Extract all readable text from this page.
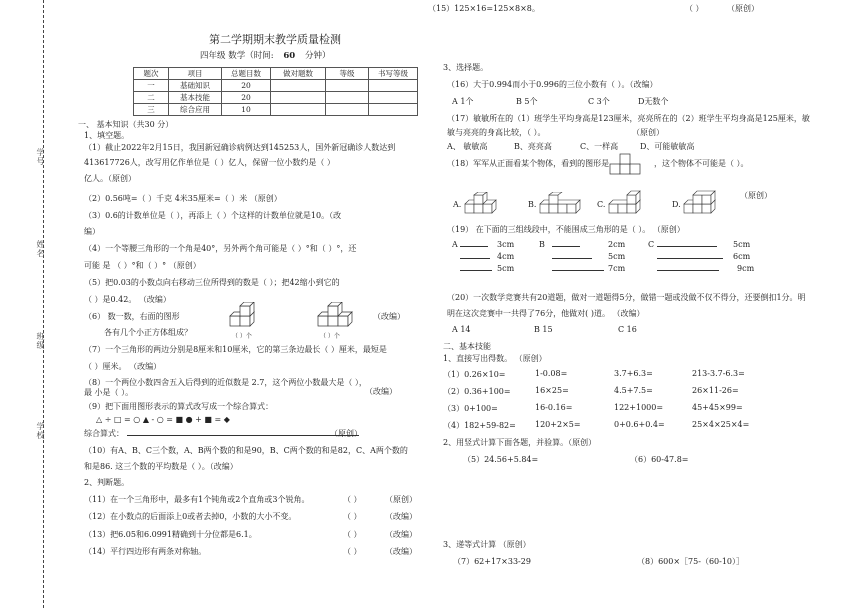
学号
姓名
班级
学校
第二学期期末教学质量检测
四年级 数学（时间: 60 分钟）
题次	项目	总题目数	做对题数	等级	书写等级
一	基础知识	20			
二	基本技能	20			
三	综合应用	10			
一、 基本知识（共30 分）
1、填空题。
（1）截止2022年2月15日，我国新冠确诊病例达到145253人，国外新冠确诊人数达到
413617726人，改写用亿作单位是（ ）亿人，保留一位小数约是（ ）
亿人。（原创）
（2）0.56吨=（ ）千克 4米35厘米=（ ）米 （原创）
（3）0.6的计数单位是（ ），再添上（ ）个这样的计数单位就是10。（改
编）
（4）一个等腰三角形的一个角是40°，另外两个角可能是（ ）°和（ ）°，还
可能 是 （ ）°和（ ）° （原创）
（5）把0.03的小数点向右移动三位所得到的数是（ ）；把42缩小到它的
（ ）是0.42。 （改编）
（6） 数一数，右面的图形
各有几个小正方体组成？
（改编）
（ ）个	（ ）个
（7）一个三角形的两边分别是8厘米和10厘米，它的第三条边最长（ ）厘米，最短是
（ ）厘米。 （改编）
（8）一个两位小数四舍五入后得到的近似数是 2.7，这个两位小数最大是（ ），
最 小是（ ）。	（改编）
（9）把下面用图形表示的算式改写成一个综合算式：
△ ÷ □ = ○ ▲ - ○ = ■ ● + ■ = ◆
综合算式：	（原创）
（10）有A、B、C三个数，A、B两个数的和是90，B、C两个数的和是82，C、A两个数的
和是86. 这三个数的平均数是（ ）。（改编）
2、判断题。
（11）在一个三角形中，最多有1个钝角或2个直角或3个锐角。	（ ）	（原创）
（12）在小数点的后面添上0或者去掉0，小数的大小不变。	（ ）	（改编）
（13）把6.05和6.0991精确到十分位都是6.1。	（ ）	（改编）
（14）平行四边形有两条对称轴。	（ ）	（改编）
（15）125×16=125×8×8。	（ ）	（原创）
3、选择题。
（16）大于0.994而小于0.996的三位小数有（ ）。（改编）
A 1个	B 5个	C 3个	D无数个
（17）敏敏所在的（1）班学生平均身高是123厘米，亮亮所在的（2）班学生平均身高是125厘米，敏
敏与亮亮的身高比较，（ ）。	（原创）
A、 敏敏高	B、亮亮高	C、一样高	D、可能敏敏高
（18）军军从正面看某个物体，看到的图形是	，这个物体不可能是（ ）。
（原创）
A.	B.	C.	D.
（19） 在下面的三组线段中，不能围成三角形的是（ ）。 （原创）
A	3cm
4cm
5cm
B	2cm
5cm
7cm
C	5cm
6cm
9cm
（20）一次数学竞赛共有20道题，做对一道题得5分，做错一题或没做不仅不得分，还要倒扣1分。明
明在这次竞赛中一共得了76分，他做对( )道。 （改编）
A 14	B 15	C 16
二、基本技能
1、直接写出得数。 （原创）
（1）0.26×10=	1-0.08=	3.7+6.3=	213-3.7-6.3=
（2）0.36+100=	16×25=	4.5+7.5=	26×11-26=
（3）0+100=	16-0.16=	122+1000=	45+45×99=
（4）182+59-82= 120+2×5=	0+0.6+0.4=	25×4×25×4=
2、用竖式计算下面各题，并验算。（原创）
（5）24.56+5.84=	（6）60-47.8=
3、递等式计算 （原创）
（7）62+17×33-29	（8）600×［75-（60-10）］
